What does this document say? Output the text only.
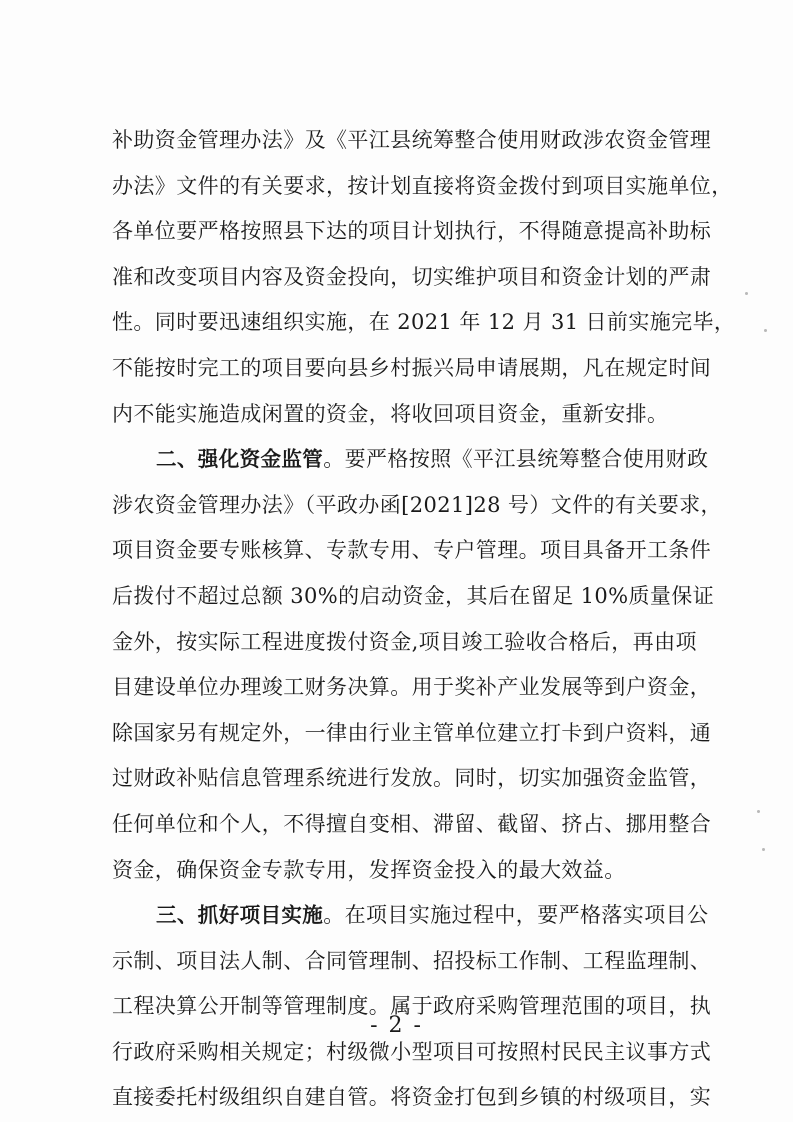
补助资金管理办法》及《平江县统筹整合使用财政涉农资金管理
办法》文件的有关要求，按计划直接将资金拨付到项目实施单位，
各单位要严格按照县下达的项目计划执行，不得随意提高补助标
准和改变项目内容及资金投向，切实维护项目和资金计划的严肃
性。同时要迅速组织实施，在 2021 年 12 月 31 日前实施完毕，
不能按时完工的项目要向县乡村振兴局申请展期，凡在规定时间
内不能实施造成闲置的资金，将收回项目资金，重新安排。
二、强化资金监管。要严格按照《平江县统筹整合使用财政
涉农资金管理办法》（平政办函[2021]28 号）文件的有关要求，
项目资金要专账核算、专款专用、专户管理。项目具备开工条件
后拨付不超过总额 30%的启动资金，其后在留足 10%质量保证
金外，按实际工程进度拨付资金,项目竣工验收合格后，再由项
目建设单位办理竣工财务决算。用于奖补产业发展等到户资金，
除国家另有规定外，一律由行业主管单位建立打卡到户资料，通
过财政补贴信息管理系统进行发放。同时，切实加强资金监管，
任何单位和个人，不得擅自变相、滞留、截留、挤占、挪用整合
资金，确保资金专款专用，发挥资金投入的最大效益。
三、抓好项目实施。在项目实施过程中，要严格落实项目公
示制、项目法人制、合同管理制、招投标工作制、工程监理制、
工程决算公开制等管理制度。属于政府采购管理范围的项目，执
行政府采购相关规定；村级微小型项目可按照村民民主议事方式
直接委托村级组织自建自管。将资金打包到乡镇的村级项目，实
- 2 -
